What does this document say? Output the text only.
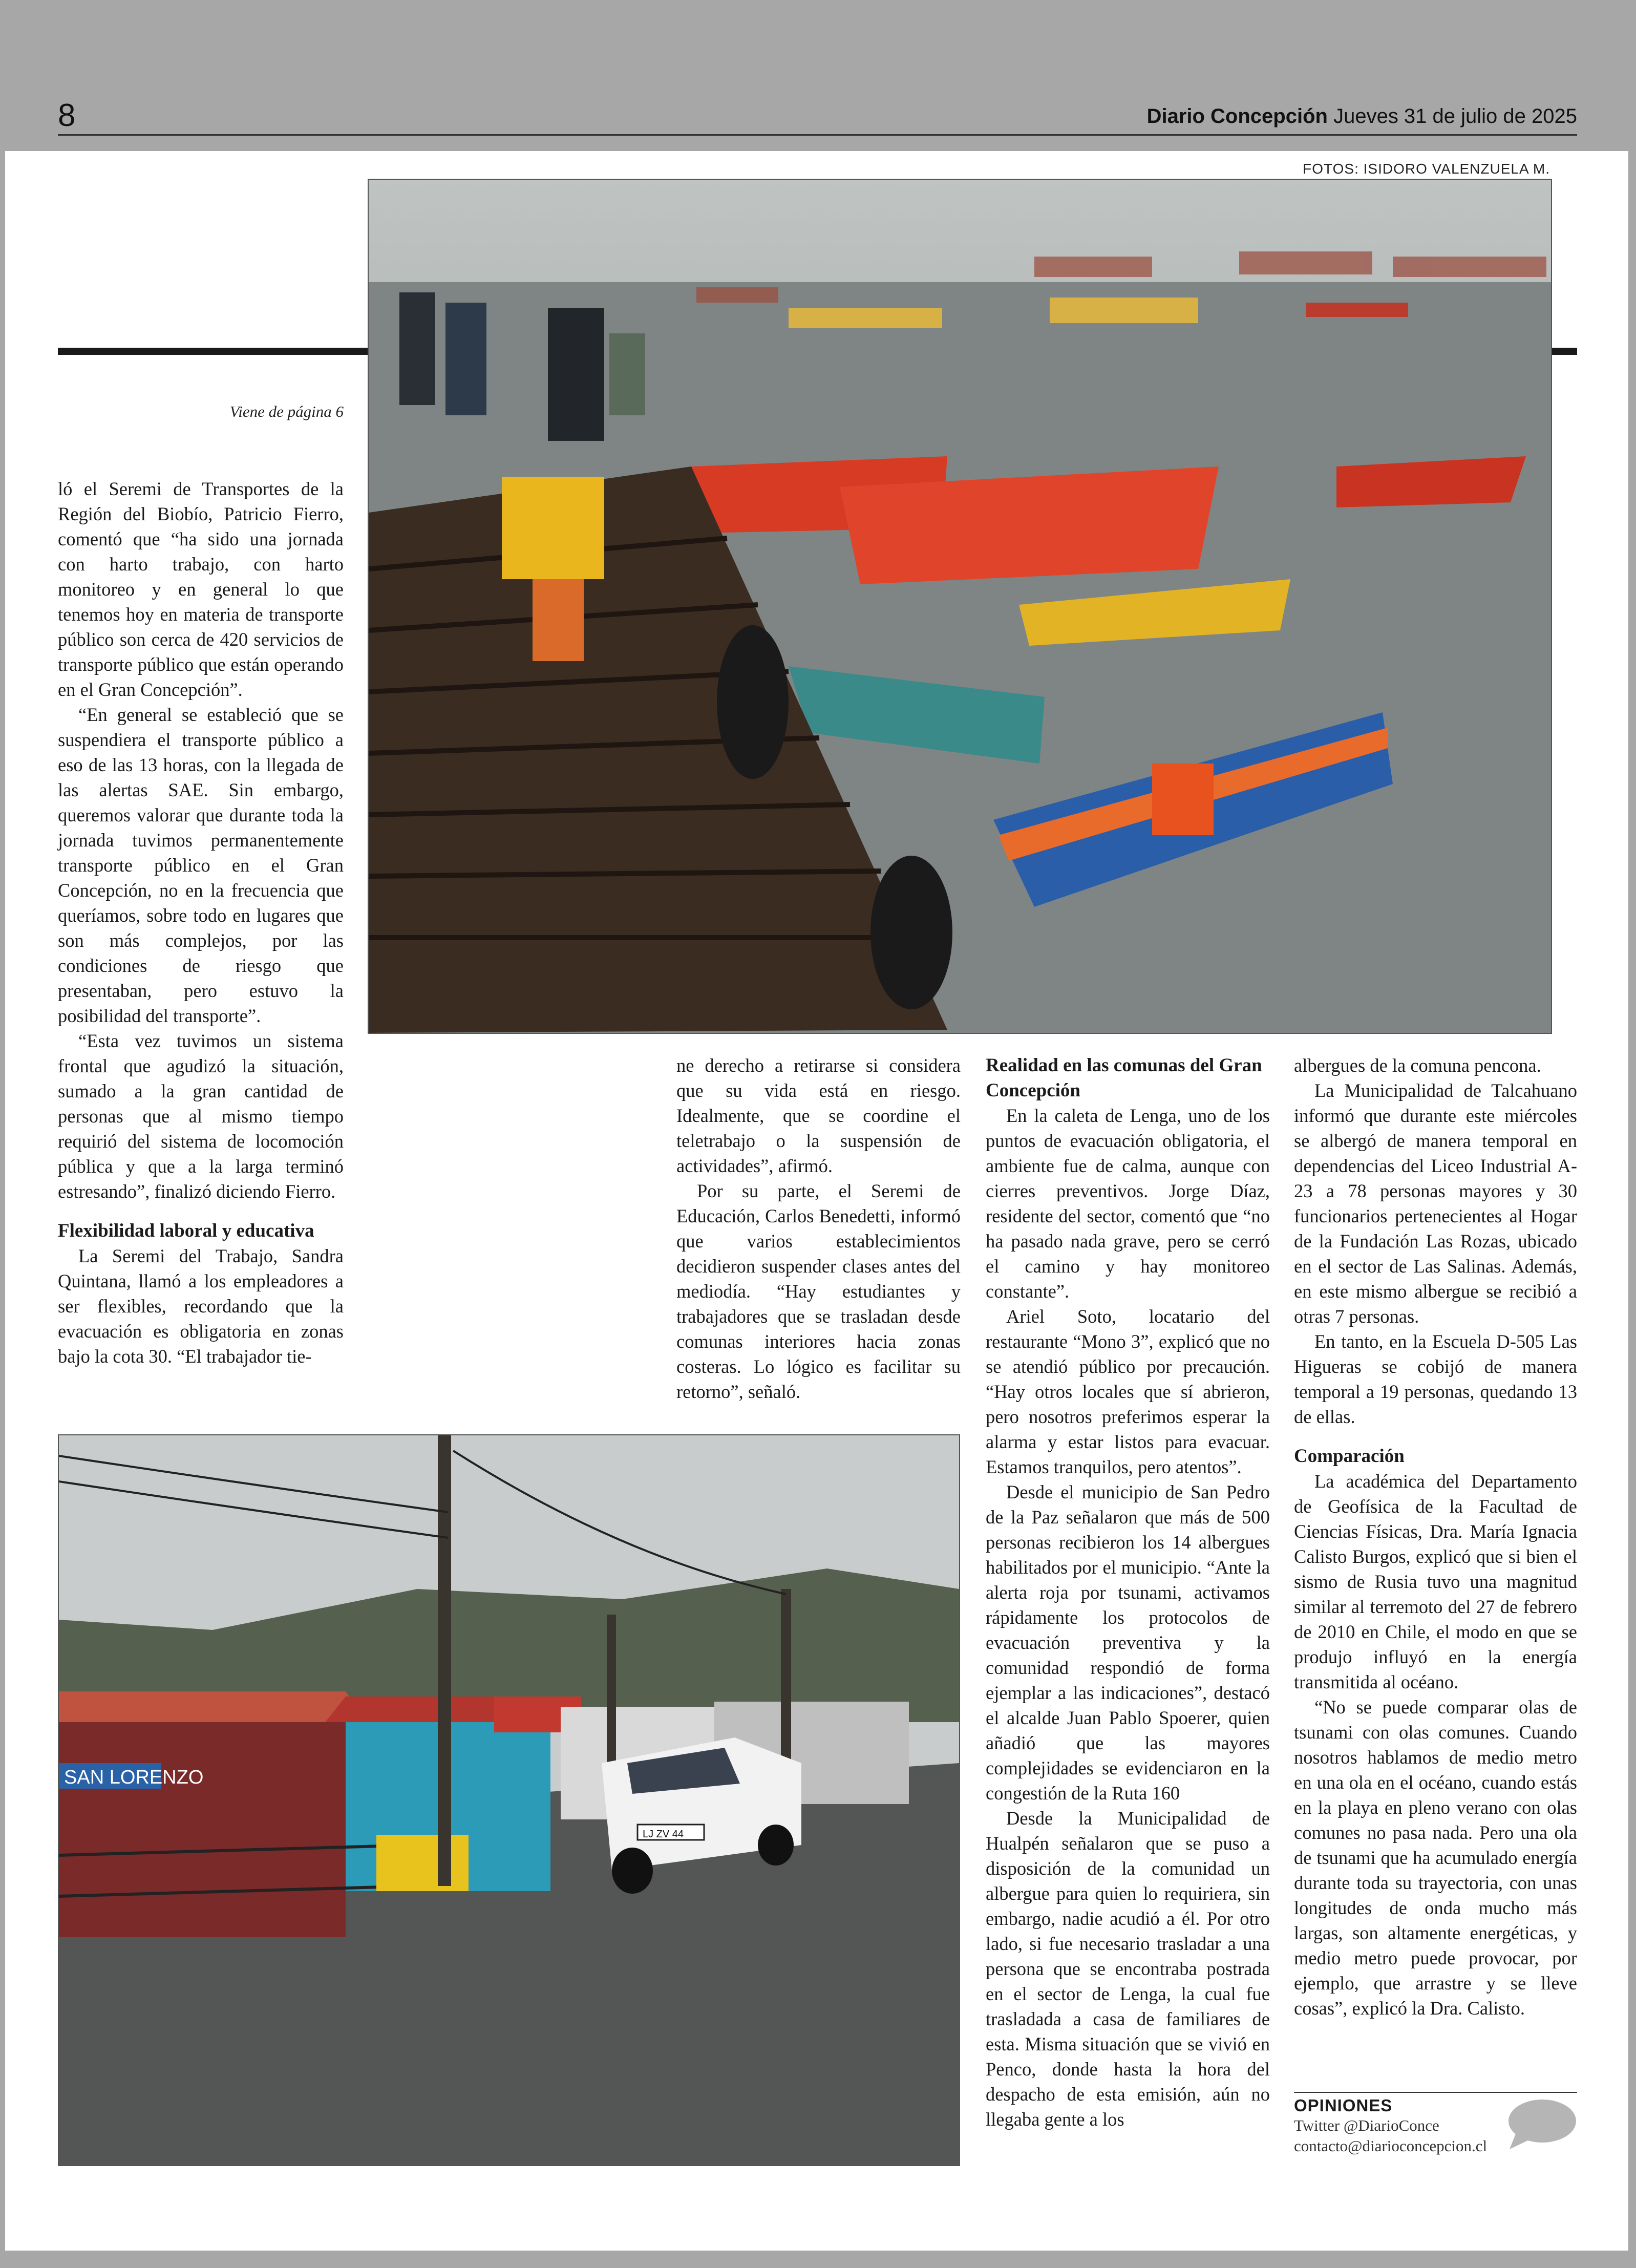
8	Diario Concepción Jueves 31 de julio de 2025
FOTOS: ISIDORO VALENZUELA M.
Viene de página 6

ló el Seremi de Transportes de la Región del Biobío, Patricio Fierro, comentó que “ha sido una jornada con harto trabajo, con harto monitoreo y en general lo que tenemos hoy en materia de transporte público son cerca de 420 servicios de transporte público que están operando en el Gran Concepción”.

“En general se estableció que se suspendiera el transporte público a eso de las 13 horas, con la llegada de las alertas SAE. Sin embargo, queremos valorar que durante toda la jornada tuvimos permanentemente transporte público en el Gran Concepción, no en la frecuencia que queríamos, sobre todo en lugares que son más complejos, por las condiciones de riesgo que presentaban, pero estuvo la posibilidad del transporte”.

“Esta vez tuvimos un sistema frontal que agudizó la situación, sumado a la gran cantidad de personas que al mismo tiempo requirió del sistema de locomoción pública y que a la larga terminó estresando”, finalizó diciendo Fierro.

Flexibilidad laboral y educativa

La Seremi del Trabajo, Sandra Quintana, llamó a los empleadores a ser flexibles, recordando que la evacuación es obligatoria en zonas bajo la cota 30. “El trabajador tie-

ne derecho a retirarse si considera que su vida está en riesgo. Idealmente, que se coordine el teletrabajo o la suspensión de actividades”, afirmó.

Por su parte, el Seremi de Educación, Carlos Benedetti, informó que varios establecimientos decidieron suspender clases antes del mediodía. “Hay estudiantes y trabajadores que se trasladan desde comunas interiores hacia zonas costeras. Lo lógico es facilitar su retorno”, señaló.

Realidad en las comunas del Gran Concepción

En la caleta de Lenga, uno de los puntos de evacuación obligatoria, el ambiente fue de calma, aunque con cierres preventivos. Jorge Díaz, residente del sector, comentó que “no ha pasado nada grave, pero se cerró el camino y hay monitoreo constante”.

Ariel Soto, locatario del restaurante “Mono 3”, explicó que no se atendió público por precaución. “Hay otros locales que sí abrieron, pero nosotros preferimos esperar la alarma y estar listos para evacuar. Estamos tranquilos, pero atentos”.

Desde el municipio de San Pedro de la Paz señalaron que más de 500 personas recibieron los 14 albergues habilitados por el municipio. “Ante la alerta roja por tsunami, activamos rápidamente los protocolos de evacuación preventiva y la comunidad respondió de forma ejemplar a las indicaciones”, destacó el alcalde Juan Pablo Spoerer, quien añadió que las mayores complejidades se evidenciaron en la congestión de la Ruta 160

Desde la Municipalidad de Hualpén señalaron que se puso a disposición de la comunidad un albergue para quien lo requiriera, sin embargo, nadie acudió a él. Por otro lado, si fue necesario trasladar a una persona que se encontraba postrada en el sector de Lenga, la cual fue trasladada a casa de familiares de esta. Misma situación que se vivió en Penco, donde hasta la hora del despacho de esta emisión, aún no llegaba gente a los

albergues de la comuna pencona.

La Municipalidad de Talcahuano informó que durante este miércoles se albergó de manera temporal en dependencias del Liceo Industrial A-23 a 78 personas mayores y 30 funcionarios pertenecientes al Hogar de la Fundación Las Rozas, ubicado en el sector de Las Salinas. Además, en este mismo albergue se recibió a otras 7 personas.

En tanto, en la Escuela D-505 Las Higueras se cobijó de manera temporal a 19 personas, quedando 13 de ellas.

Comparación

La académica del Departamento de Geofísica de la Facultad de Ciencias Físicas, Dra. María Ignacia Calisto Burgos, explicó que si bien el sismo de Rusia tuvo una magnitud similar al terremoto del 27 de febrero de 2010 en Chile, el modo en que se produjo influyó en la energía transmitida al océano.

“No se puede comparar olas de tsunami con olas comunes. Cuando nosotros hablamos de medio metro en una ola en el océano, cuando estás en la playa en pleno verano con olas comunes no pasa nada. Pero una ola de tsunami que ha acumulado energía durante toda su trayectoria, con unas longitudes de onda mucho más largas, son altamente energéticas, y medio metro puede provocar, por ejemplo, que arrastre y se lleve cosas”, explicó la Dra. Calisto.

SAN LORENZO
LJ ZV 44
OPINIONES
Twitter @DiarioConce
contacto@diarioconcepcion.cl
